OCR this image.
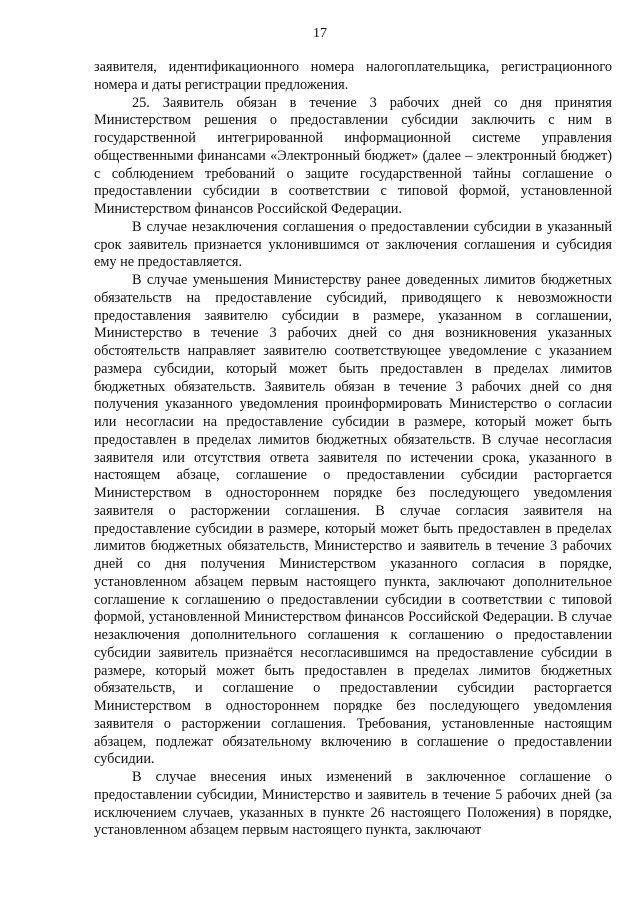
17

заявителя, идентификационного номера налогоплательщика, регистрационного номера и даты регистрации предложения.

25. Заявитель обязан в течение 3 рабочих дней со дня принятия Министерством решения о предоставлении субсидии заключить с ним в государственной интегрированной информационной системе управления общественными финансами «Электронный бюджет» (далее – электронный бюджет) с соблюдением требований о защите государственной тайны соглашение о предоставлении субсидии в соответствии с типовой формой, установленной Министерством финансов Российской Федерации.

В случае незаключения соглашения о предоставлении субсидии в указанный срок заявитель признается уклонившимся от заключения соглашения и субсидия ему не предоставляется.

В случае уменьшения Министерству ранее доведенных лимитов бюджетных обязательств на предоставление субсидий, приводящего к невозможности предоставления заявителю субсидии в размере, указанном в соглашении, Министерство в течение 3 рабочих дней со дня возникновения указанных обстоятельств направляет заявителю соответствующее уведомление с указанием размера субсидии, который может быть предоставлен в пределах лимитов бюджетных обязательств. Заявитель обязан в течение 3 рабочих дней со дня получения указанного уведомления проинформировать Министерство о согласии или несогласии на предоставление субсидии в размере, который может быть предоставлен в пределах лимитов бюджетных обязательств. В случае несогласия заявителя или отсутствия ответа заявителя по истечении срока, указанного в настоящем абзаце, соглашение о предоставлении субсидии расторгается Министерством в одностороннем порядке без последующего уведомления заявителя о расторжении соглашения. В случае согласия заявителя на предоставление субсидии в размере, который может быть предоставлен в пределах лимитов бюджетных обязательств, Министерство и заявитель в течение 3 рабочих дней со дня получения Министерством указанного согласия в порядке, установленном абзацем первым настоящего пункта, заключают дополнительное соглашение к соглашению о предоставлении субсидии в соответствии с типовой формой, установленной Министерством финансов Российской Федерации. В случае незаключения дополнительного соглашения к соглашению о предоставлении субсидии заявитель признаётся несогласившимся на предоставление субсидии в размере, который может быть предоставлен в пределах лимитов бюджетных обязательств, и соглашение о предоставлении субсидии расторгается Министерством в одностороннем порядке без последующего уведомления заявителя о расторжении соглашения. Требования, установленные настоящим абзацем, подлежат обязательному включению в соглашение о предоставлении субсидии.

В случае внесения иных изменений в заключенное соглашение о предоставлении субсидии, Министерство и заявитель в течение 5 рабочих дней (за исключением случаев, указанных в пункте 26 настоящего Положения) в порядке, установленном абзацем первым настоящего пункта, заключают
